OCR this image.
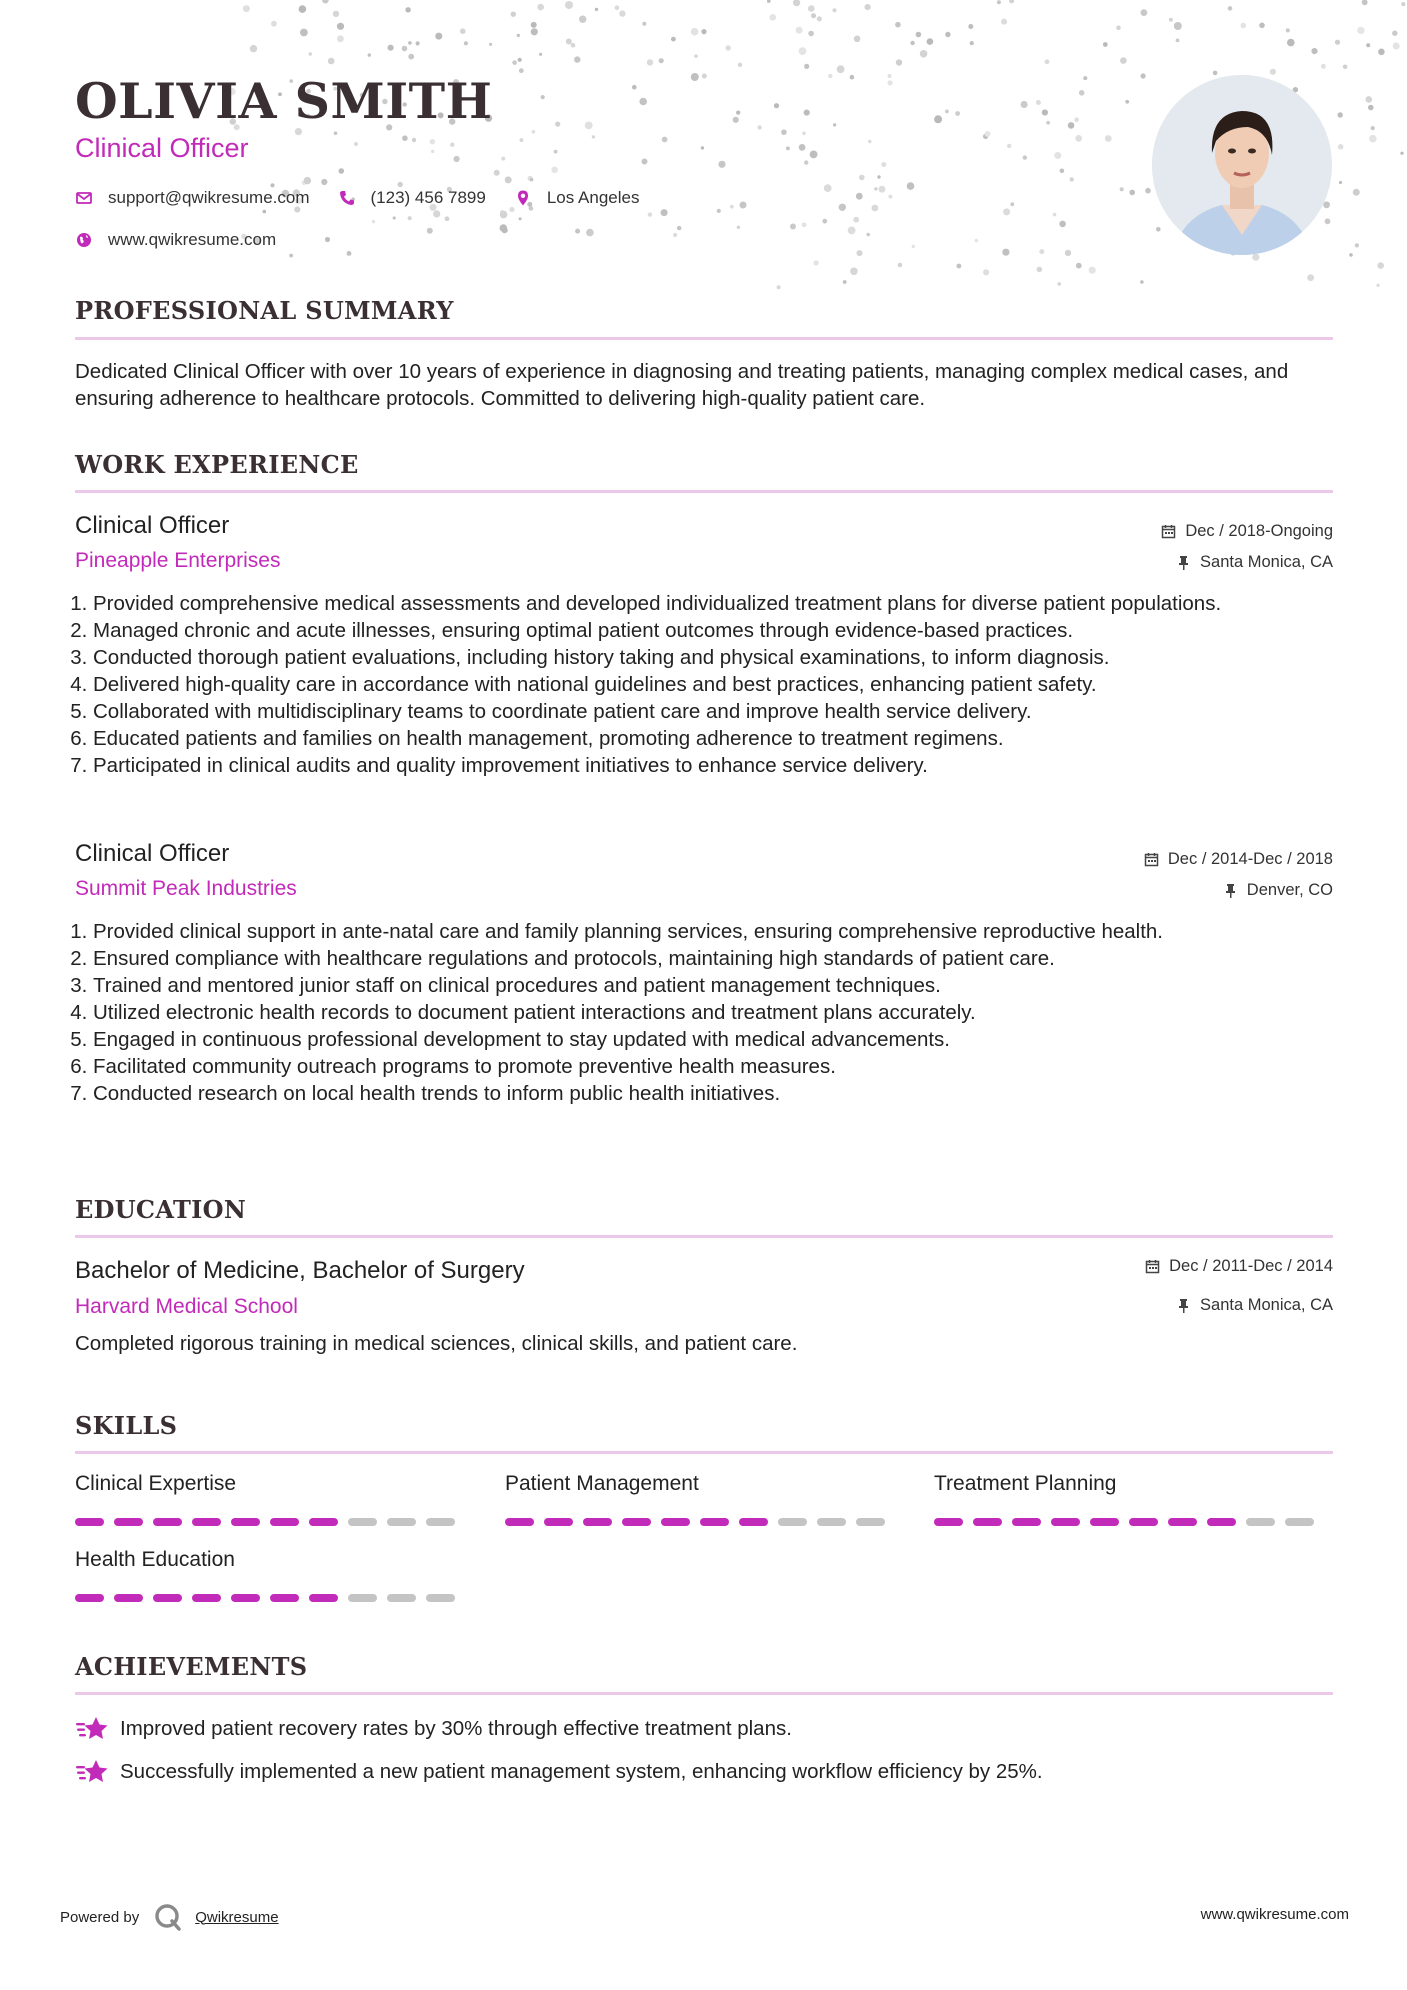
OLIVIA SMITH
Clinical Officer
support@qwikresume.com	(123) 456 7899	Los Angeles
www.qwikresume.com
PROFESSIONAL SUMMARY

Dedicated Clinical Officer with over 10 years of experience in diagnosing and treating patients, managing complex medical cases, and ensuring adherence to healthcare protocols. Committed to delivering high-quality patient care.

WORK EXPERIENCE
Clinical Officer
Pineapple Enterprises
Dec / 2018-Ongoing
Santa Monica, CA
1. Provided comprehensive medical assessments and developed individualized treatment plans for diverse patient populations.
2. Managed chronic and acute illnesses, ensuring optimal patient outcomes through evidence-based practices.
3. Conducted thorough patient evaluations, including history taking and physical examinations, to inform diagnosis.
4. Delivered high-quality care in accordance with national guidelines and best practices, enhancing patient safety.
5. Collaborated with multidisciplinary teams to coordinate patient care and improve health service delivery.
6. Educated patients and families on health management, promoting adherence to treatment regimens.
7. Participated in clinical audits and quality improvement initiatives to enhance service delivery.
Clinical Officer
Summit Peak Industries
Dec / 2014-Dec / 2018
Denver, CO
1. Provided clinical support in ante-natal care and family planning services, ensuring comprehensive reproductive health.
2. Ensured compliance with healthcare regulations and protocols, maintaining high standards of patient care.
3. Trained and mentored junior staff on clinical procedures and patient management techniques.
4. Utilized electronic health records to document patient interactions and treatment plans accurately.
5. Engaged in continuous professional development to stay updated with medical advancements.
6. Facilitated community outreach programs to promote preventive health measures.
7. Conducted research on local health trends to inform public health initiatives.
EDUCATION
Bachelor of Medicine, Bachelor of Surgery
Harvard Medical School
Dec / 2011-Dec / 2014
Santa Monica, CA

Completed rigorous training in medical sciences, clinical skills, and patient care.

SKILLS
Clinical Expertise	Patient Management	Treatment Planning
Health Education
ACHIEVEMENTS
Improved patient recovery rates by 30% through effective treatment plans.
Successfully implemented a new patient management system, enhancing workflow efficiency by 25%.
Powered by	Qwikresume	www.qwikresume.com
